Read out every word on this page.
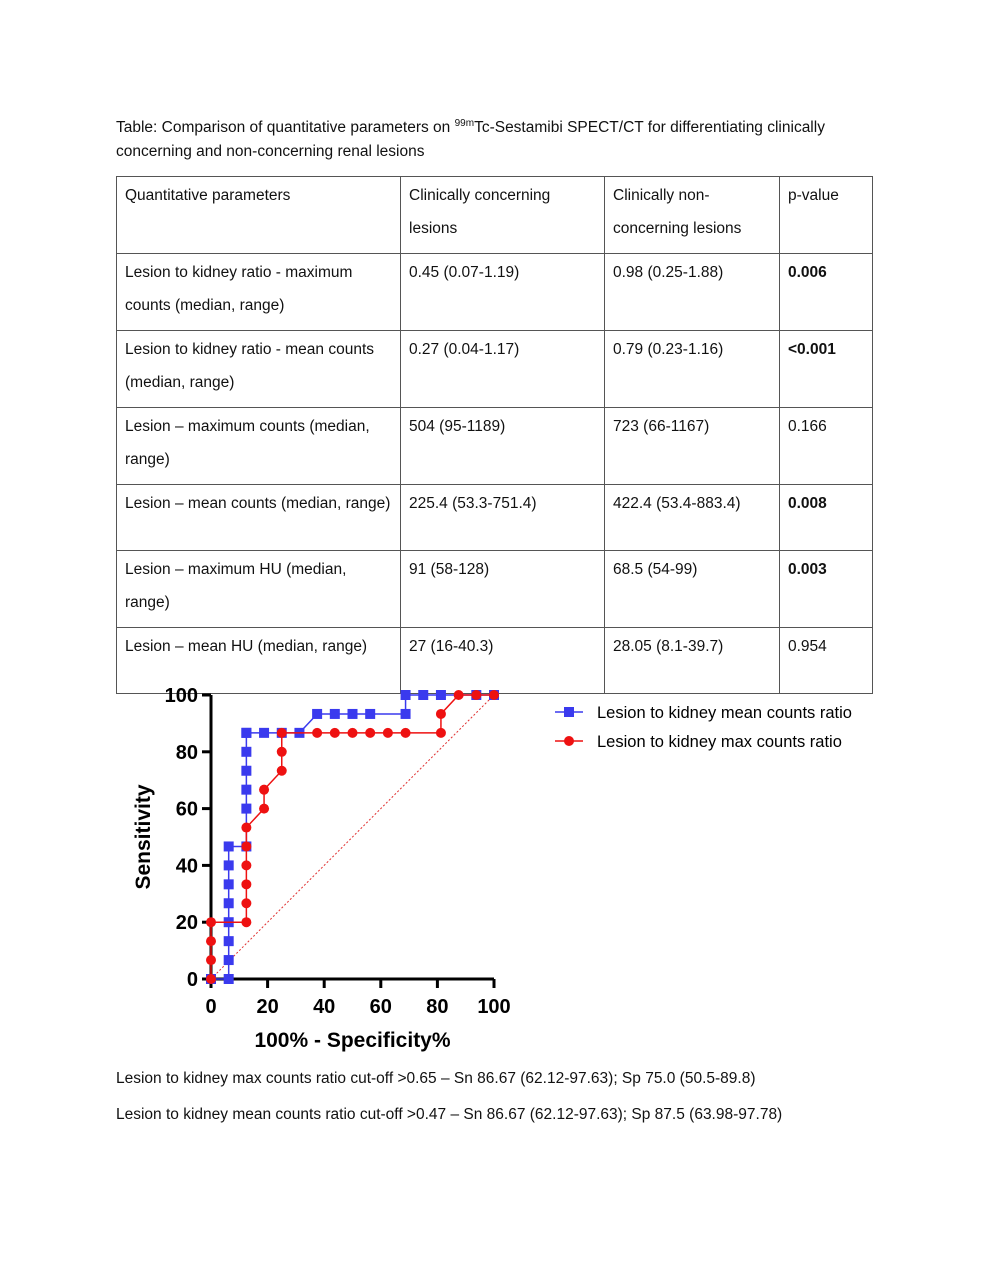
Table: Comparison of quantitative parameters on $^{99m}$Tc-Sestamibi SPECT/CT for differentiating clinically concerning and non-concerning renal lesions
Quantitative parameters	Clinically concerning lesions	Clinically non-concerning lesions	p-value
Lesion to kidney ratio - maximum counts (median, range)	0.45 (0.07-1.19)	0.98 (0.25-1.88)	0.006
Lesion to kidney ratio - mean counts (median, range)	0.27 (0.04-1.17)	0.79 (0.23-1.16)	<0.001
Lesion – maximum counts (median, range)	504 (95-1189)	723 (66-1167)	0.166
Lesion – mean counts (median, range)	225.4 (53.3-751.4)	422.4 (53.4-883.4)	0.008
Lesion – maximum HU (median, range)	91 (58-128)	68.5 (54-99)	0.003
Lesion – mean HU (median, range)	27 (16-40.3)	28.05 (8.1-39.7)	0.954
0
20
40
60
80
100
0 20 40 60 80 100
100% - Specificity%
Sensitivity
Lesion to kidney mean counts ratio
Lesion to kidney max counts ratio
Lesion to kidney max counts ratio cut-off >0.65 – Sn 86.67 (62.12-97.63); Sp 75.0 (50.5-89.8)
Lesion to kidney mean counts ratio cut-off >0.47 – Sn 86.67 (62.12-97.63); Sp 87.5 (63.98-97.78)
